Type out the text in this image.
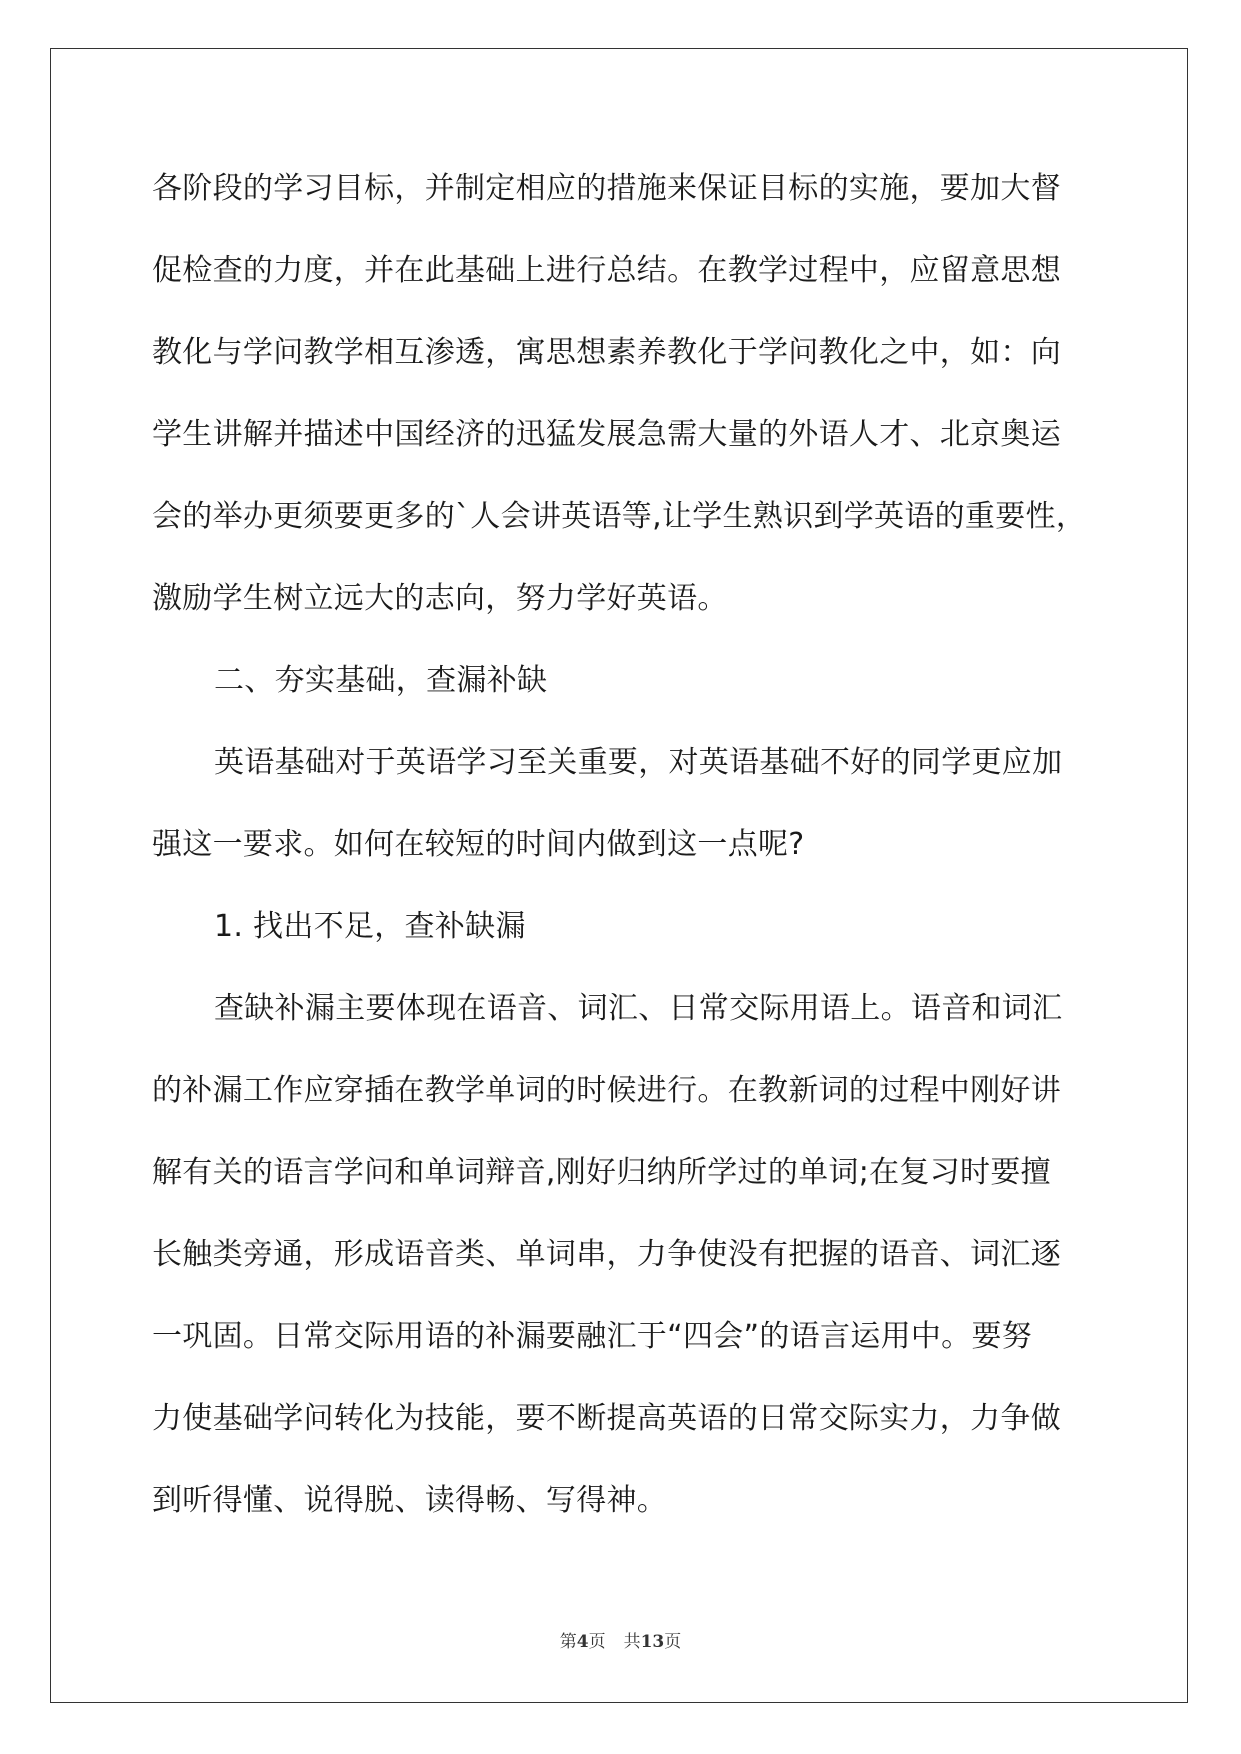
各阶段的学习目标，并制定相应的措施来保证目标的实施，要加大督
促检查的力度，并在此基础上进行总结。在教学过程中，应留意思想
教化与学问教学相互渗透，寓思想素养教化于学问教化之中，如：向
学生讲解并描述中国经济的迅猛发展急需大量的外语人才、北京奥运
会的举办更须要更多的`人会讲英语等,让学生熟识到学英语的重要性，
激励学生树立远大的志向，努力学好英语。
二、夯实基础，查漏补缺
英语基础对于英语学习至关重要，对英语基础不好的同学更应加
强这一要求。如何在较短的时间内做到这一点呢?
1. 找出不足，查补缺漏
查缺补漏主要体现在语音、词汇、日常交际用语上。语音和词汇
的补漏工作应穿插在教学单词的时候进行。在教新词的过程中刚好讲
解有关的语言学问和单词辩音,刚好归纳所学过的单词;在复习时要擅
长触类旁通，形成语音类、单词串，力争使没有把握的语音、词汇逐
一巩固。日常交际用语的补漏要融汇于“四会”的语言运用中。要努
力使基础学问转化为技能，要不断提高英语的日常交际实力，力争做
到听得懂、说得脱、读得畅、写得神。
第4页 共13页
